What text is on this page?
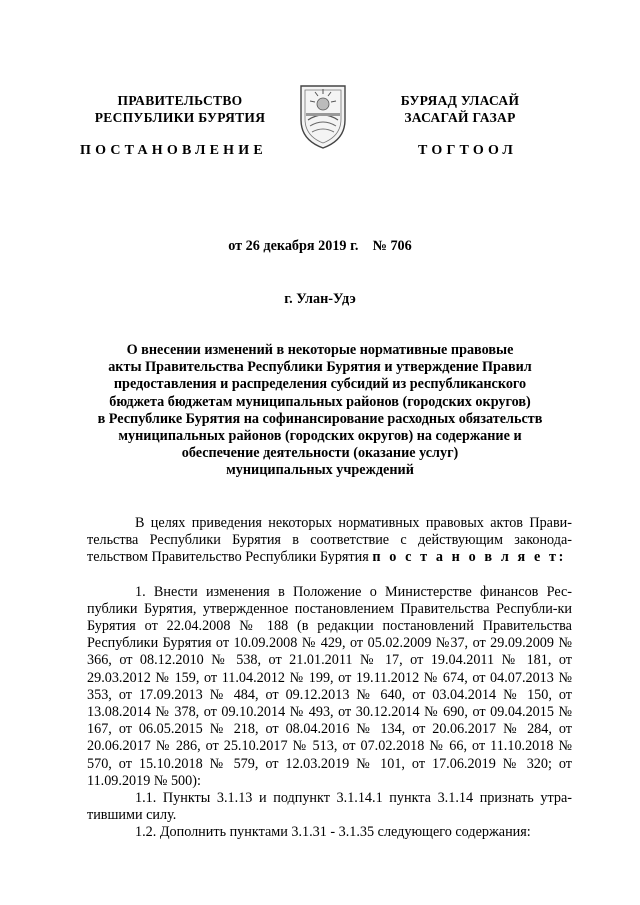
ПРАВИТЕЛЬСТВО
РЕСПУБЛИКИ БУРЯТИЯ
БУРЯАД УЛАСАЙ
ЗАСАГАЙ ГАЗАР
ПОСТАНОВЛЕНИЕ	ТОГТООЛ
от 26 декабря 2019 г.    № 706
г. Улан-Удэ
О внесении изменений в некоторые нормативные правовые
акты Правительства Республики Бурятия и утверждение Правил
предоставления и распределения субсидий из республиканского
бюджета бюджетам муниципальных районов (городских округов)
в Республике Бурятия на софинансирование расходных обязательств
муниципальных районов (городских округов) на содержание и
обеспечение деятельности (оказание услуг)
муниципальных учреждений

В целях приведения некоторых нормативных правовых актов Прави-тельства Республики Бурятия в соответствие с действующим законода-тельством Правительство Республики Бурятия п о с т а н о в л я е т:

1. Внести изменения в Положение о Министерстве финансов Рес-публики Бурятия, утвержденное постановлением Правительства Республи-ки Бурятия от 22.04.2008 № 188 (в редакции постановлений Правительства Республики Бурятия от 10.09.2008 № 429, от 05.02.2009 №37, от 29.09.2009 № 366, от 08.12.2010 № 538, от 21.01.2011 № 17, от 19.04.2011 № 181, от 29.03.2012 № 159, от 11.04.2012 № 199, от 19.11.2012 № 674, от 04.07.2013 № 353, от 17.09.2013 № 484, от 09.12.2013 № 640, от 03.04.2014 № 150, от 13.08.2014 № 378, от 09.10.2014 № 493, от 30.12.2014 № 690, от 09.04.2015 № 167, от 06.05.2015 № 218, от 08.04.2016 № 134, от 20.06.2017 № 284, от 20.06.2017 № 286, от 25.10.2017 № 513, от 07.02.2018 № 66, от 11.10.2018 № 570, от 15.10.2018 № 579, от 12.03.2019 № 101, от 17.06.2019 № 320; от 11.09.2019 № 500):

1.1. Пункты 3.1.13 и подпункт 3.1.14.1 пункта 3.1.14 признать утра-тившими силу.

1.2. Дополнить пунктами 3.1.31 - 3.1.35 следующего содержания:
